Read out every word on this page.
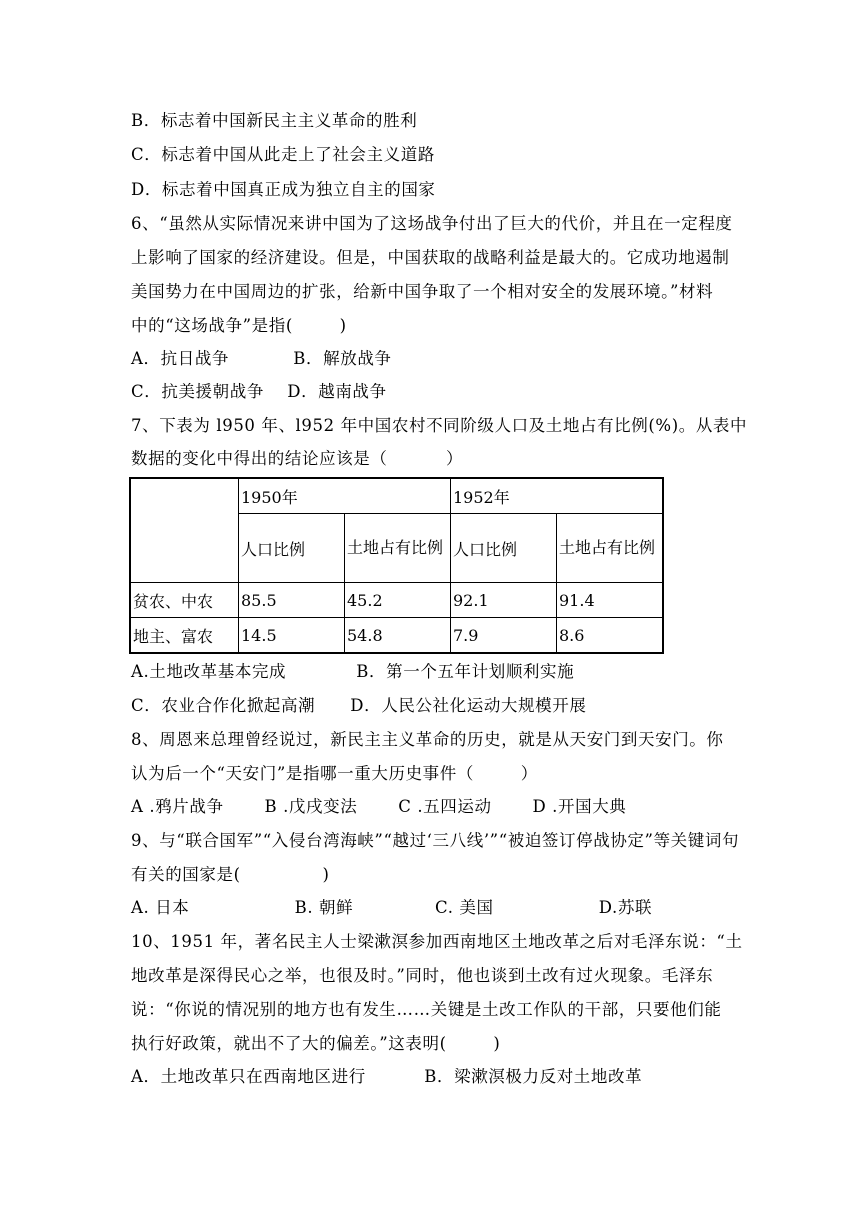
B．标志着中国新民主主义革命的胜利
C．标志着中国从此走上了社会主义道路
D．标志着中国真正成为独立自主的国家
6、“虽然从实际情况来讲中国为了这场战争付出了巨大的代价，并且在一定程度
上影响了国家的经济建设。但是，中国获取的战略利益是最大的。它成功地遏制
美国势力在中国周边的扩张，给新中国争取了一个相对安全的发展环境。”材料
中的“这场战争”是指(        )
A．抗日战争           B．解放战争
C．抗美援朝战争    D．越南战争
7、下表为 l950 年、l952 年中国农村不同阶级人口及土地占有比例(%)。从表中
数据的变化中得出的结论应该是（          ）
	1950年		1952年	
	人口比例	土地占有比例	人口比例	土地占有比例
贫农、中农	85.5	45.2	92.1	91.4
地主、富农	14.5	54.8	7.9	8.6
A.土地改革基本完成            B．第一个五年计划顺利实施
C．农业合作化掀起高潮      D．人民公社化运动大规模开展
8、周恩来总理曾经说过，新民主主义革命的历史，就是从天安门到天安门。你
认为后一个“天安门”是指哪一重大历史事件（        ）
A .鸦片战争       B .戊戌变法       C .五四运动       D .开国大典
9、与“联合国军”“入侵台湾海峡”“越过‘三八线’”“被迫签订停战协定”等关键词句
有关的国家是(              )
A. 日本                  B. 朝鲜              C. 美国                  D.苏联
10、1951 年，著名民主人士梁漱溟参加西南地区土地改革之后对毛泽东说：“土
地改革是深得民心之举，也很及时。”同时，他也谈到土改有过火现象。毛泽东
说：“你说的情况别的地方也有发生……关键是土改工作队的干部，只要他们能
执行好政策，就出不了大的偏差。”这表明(        )
A．土地改革只在西南地区进行          B．梁漱溟极力反对土地改革
